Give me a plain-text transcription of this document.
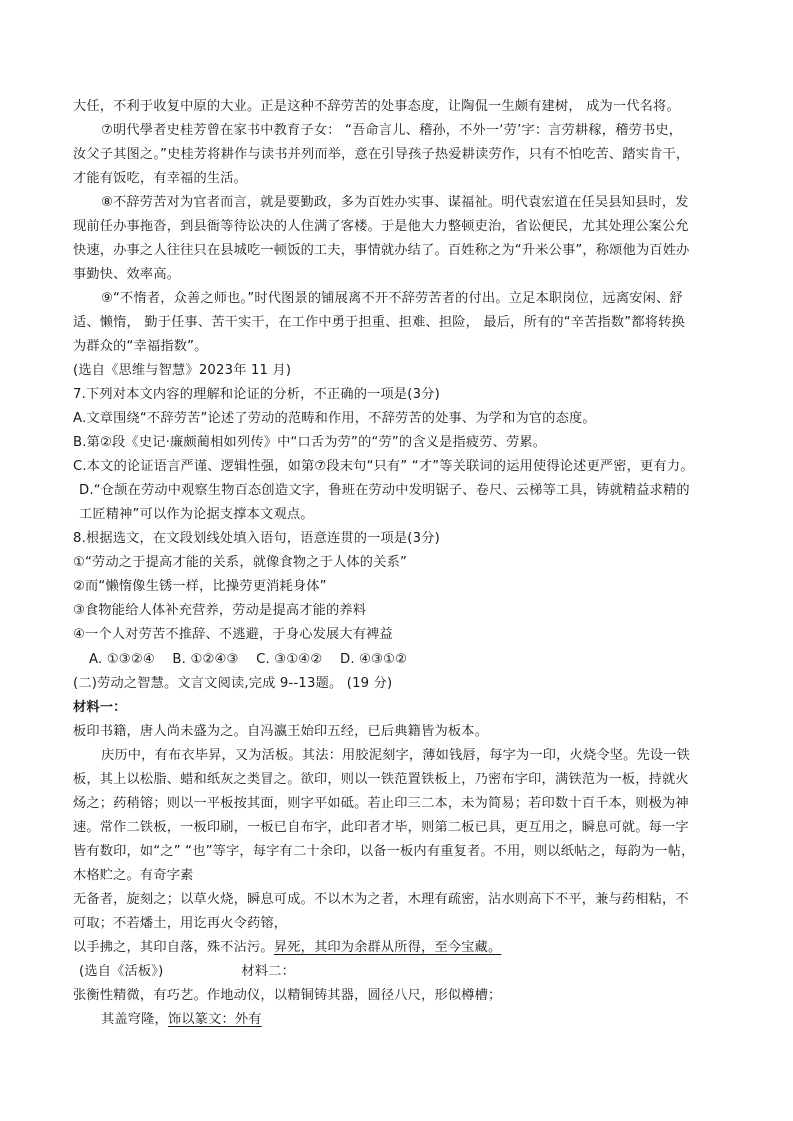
大任，不利于收复中原的大业。正是这种不辞劳苦的处事态度，让陶侃一生颇有建树， 成为一代名将。
⑦明代學者史桂芳曾在家书中教育子女： “吾命言儿、稽孙，不外一‘劳’字：言劳耕稼，稽劳书史，
汝父子其图之。”史桂芳将耕作与读书并列而举，意在引导孩子热爱耕读劳作，只有不怕吃苦、踏实肯干，
才能有饭吃，有幸福的生活。
⑧不辞劳苦对为官者而言，就是要勤政，多为百姓办实事、谋福祉。明代袁宏道在任吴县知县时，发
现前任办事拖沓，到县衙等待讼决的人住满了客楼。于是他大力整顿吏治，省讼便民，尤其处理公案公允
快速，办事之人往往只在县城吃一顿饭的工夫，事情就办结了。百姓称之为“升米公事”，称颂他为百姓办
事勤快、效率高。
⑨“不惰者，众善之师也。”时代图景的铺展离不开不辞劳苦者的付出。立足本职岗位，远离安闲、舒
适、懒惰， 勤于任事、苦干实干，在工作中勇于担重、担难、担险， 最后，所有的“辛苦指数”都将转换
为群众的“幸福指数”。
(选自《思维与智慧》2023年 11 月)
7.下列对本文内容的理解和论证的分析，不正确的一项是(3分)
A.文章围绕“不辞劳苦”论述了劳动的范畴和作用，不辞劳苦的处事、为学和为官的态度。
B.第②段《史记·廉颇蔺相如列传》中“口舌为劳”的“劳”的含义是指疲劳、劳累。
C.本文的论证语言严谨、逻辑性强，如第⑦段末句“只有” “才”等关联词的运用使得论述更严密，更有力。
D.“仓颉在劳动中观察生物百态创造文字，鲁班在劳动中发明锯子、卷尺、云梯等工具，铸就精益求精的
工匠精神”可以作为论据支撑本文观点。
8.根据选文，在文段划线处填入语句，语意连贯的一项是(3分)
①“劳动之于提高才能的关系，就像食物之于人体的关系”
②而“懒惰像生锈一样，比操劳更消耗身体”
③食物能给人体补充营养，劳动是提高才能的养料
④一个人对劳苦不推辞、不逃避，于身心发展大有裨益
A. ①③②④    B. ①②④③    C. ③①④②    D. ④③①②
(二)劳动之智慧。文言文阅读,完成 9--13题。 (19 分)
材料一：
板印书籍，唐人尚未盛为之。自冯瀛王始印五经，已后典籍皆为板本。
庆历中，有布衣毕昇，又为活板。其法：用胶泥刻字，薄如钱唇，每字为一印，火烧令坚。先设一铁
板，其上以松脂、蜡和纸灰之类冒之。欲印，则以一铁范置铁板上，乃密布字印，满铁范为一板，持就火
炀之；药稍镕；则以一平板按其面，则字平如砥。若止印三二本，未为简易；若印数十百千本，则极为神
速。常作二铁板，一板印刷，一板已自布字，此印者才毕，则第二板已具，更互用之，瞬息可就。每一字
皆有数印，如“之” “也”等字，每字有二十余印，以备一板内有重复者。不用，则以纸帖之，每韵为一帖，
木格贮之。有奇字素
无备者，旋刻之；以草火烧，瞬息可成。不以木为之者，木理有疏密，沾水则高下不平，兼与药相粘，不
可取；不若燔土，用讫再火令药镕，
以手拂之，其印自落，殊不沾污。昇死，其印为余群从所得，至今宝藏。
(选自《活板》)	材料二：
张衡性精微，有巧艺。作地动仪，以精铜铸其器，圆径八尺，形似樽槽；
其盖穹隆，饰以篆文：外有
